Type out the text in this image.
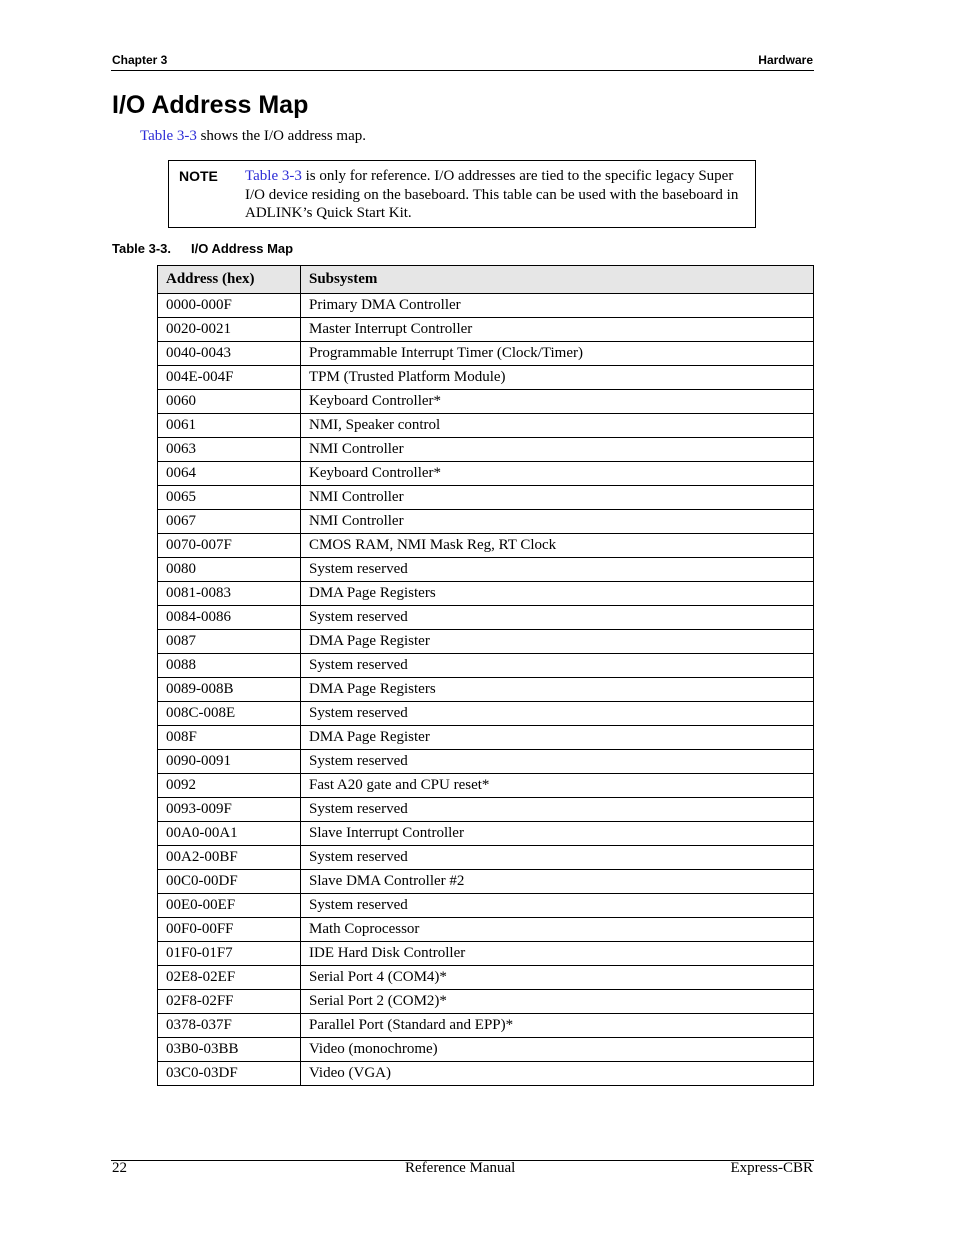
Chapter 3	Hardware
I/O Address Map
Table 3-3 shows the I/O address map.
NOTE Table 3-3 is only for reference. I/O addresses are tied to the specific legacy Super I/O device residing on the baseboard. This table can be used with the baseboard in ADLINK’s Quick Start Kit.
Table 3-3. I/O Address Map
Address (hex)	Subsystem
0000-000F	Primary DMA Controller
0020-0021	Master Interrupt Controller
0040-0043	Programmable Interrupt Timer (Clock/Timer)
004E-004F	TPM (Trusted Platform Module)
0060	Keyboard Controller*
0061	NMI, Speaker control
0063	NMI Controller
0064	Keyboard Controller*
0065	NMI Controller
0067	NMI Controller
0070-007F	CMOS RAM, NMI Mask Reg, RT Clock
0080	System reserved
0081-0083	DMA Page Registers
0084-0086	System reserved
0087	DMA Page Register
0088	System reserved
0089-008B	DMA Page Registers
008C-008E	System reserved
008F	DMA Page Register
0090-0091	System reserved
0092	Fast A20 gate and CPU reset*
0093-009F	System reserved
00A0-00A1	Slave Interrupt Controller
00A2-00BF	System reserved
00C0-00DF	Slave DMA Controller #2
00E0-00EF	System reserved
00F0-00FF	Math Coprocessor
01F0-01F7	IDE Hard Disk Controller
02E8-02EF	Serial Port 4 (COM4)*
02F8-02FF	Serial Port 2 (COM2)*
0378-037F	Parallel Port (Standard and EPP)*
03B0-03BB	Video (monochrome)
03C0-03DF	Video (VGA)
22	Reference Manual	Express-CBR
